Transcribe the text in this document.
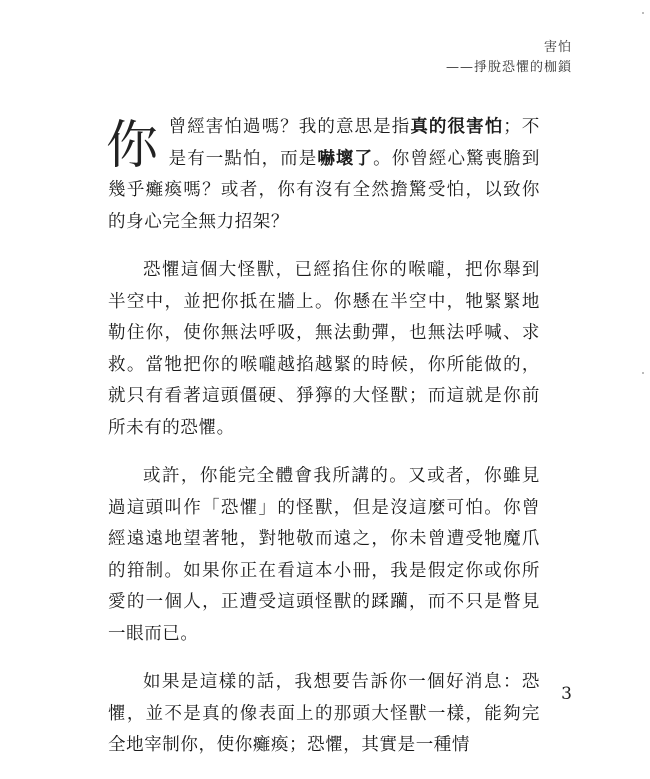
害怕
——掙脫恐懼的枷鎖

你曾經害怕過嗎？我的意思是指真的很害怕；不是有一點怕，而是嚇壞了。你曾經心驚喪膽到幾乎癱瘓嗎？或者，你有沒有全然擔驚受怕，以致你的身心完全無力招架？

恐懼這個大怪獸，已經掐住你的喉嚨，把你舉到半空中，並把你抵在牆上。你懸在半空中，牠緊緊地勒住你，使你無法呼吸，無法動彈，也無法呼喊、求救。當牠把你的喉嚨越掐越緊的時候，你所能做的，就只有看著這頭僵硬、猙獰的大怪獸；而這就是你前所未有的恐懼。

或許，你能完全體會我所講的。又或者，你雖見過這頭叫作「恐懼」的怪獸，但是沒這麼可怕。你曾經遠遠地望著牠，對牠敬而遠之，你未曾遭受牠魔爪的箝制。如果你正在看這本小冊，我是假定你或你所愛的一個人，正遭受這頭怪獸的蹂躪，而不只是瞥見一眼而已。

如果是這樣的話，我想要告訴你一個好消息：恐懼，並不是真的像表面上的那頭大怪獸一樣，能夠完全地宰制你，使你癱瘓；恐懼，其實是一種情

3
